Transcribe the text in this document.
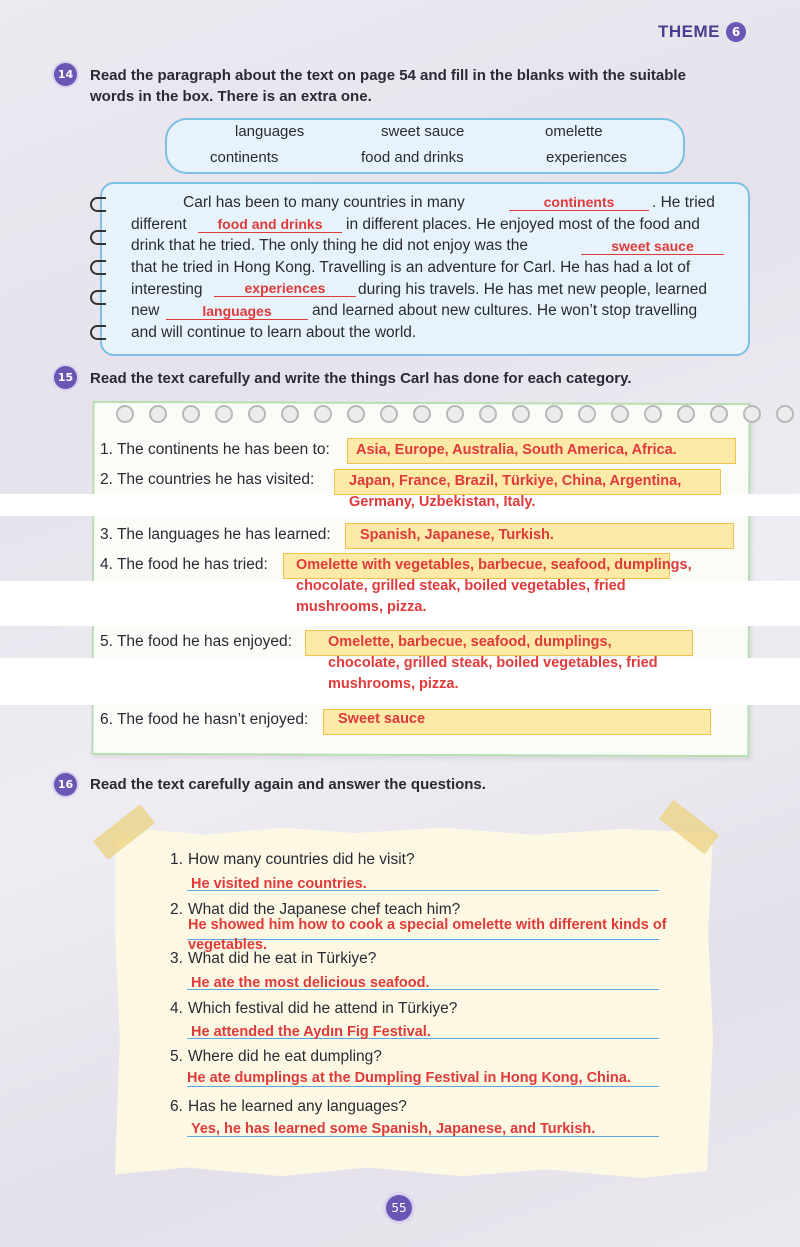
THEME 6
14 Read the paragraph about the text on page 54 and fill in the blanks with the suitable
words in the box. There is an extra one.
languages	sweet sauce	omelette
continents	food and drinks	experiences
Carl has been to many countries in many	continents	. He tried
different	food and drinks	in different places. He enjoyed most of the food and
drink that he tried. The only thing he did not enjoy was the	sweet sauce
that he tried in Hong Kong. Travelling is an adventure for Carl. He has had a lot of
interesting	experiences	during his travels. He has met new people, learned
new	languages	and learned about new cultures. He won’t stop travelling
and will continue to learn about the world.
15 Read the text carefully and write the things Carl has done for each category.
1. The continents he has been to: Asia, Europe, Australia, South America, Africa.
2. The countries he has visited: Japan, France, Brazil, Türkiye, China, Argentina,
Germany, Uzbekistan, Italy.
3. The languages he has learned: Spanish, Japanese, Turkish.
4. The food he has tried: Omelette with vegetables, barbecue, seafood, dumplings,
chocolate, grilled steak, boiled vegetables, fried
mushrooms, pizza.
5. The food he has enjoyed: Omelette, barbecue, seafood, dumplings,
chocolate, grilled steak, boiled vegetables, fried
mushrooms, pizza.
6. The food he hasn’t enjoyed: Sweet sauce
16 Read the text carefully again and answer the questions.
1. How many countries did he visit?
He visited nine countries.
2. What did the Japanese chef teach him?
He showed him how to cook a special omelette with different kinds of
vegetables.
3. What did he eat in Türkiye?
He ate the most delicious seafood.
4. Which festival did he attend in Türkiye?
He attended the Aydın Fig Festival.
5. Where did he eat dumpling?
He ate dumplings at the Dumpling Festival in Hong Kong, China.
6. Has he learned any languages?
Yes, he has learned some Spanish, Japanese, and Turkish.
55
